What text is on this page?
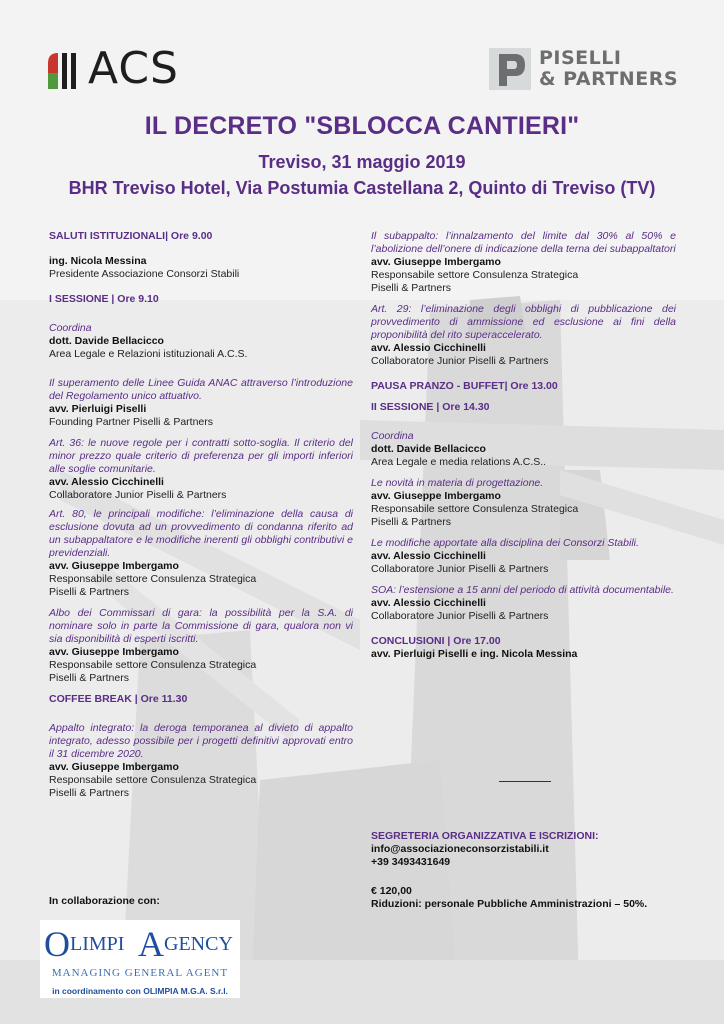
ACS	PISELLI
& PARTNERS
IL DECRETO "SBLOCCA CANTIERI"
Treviso, 31 maggio 2019
BHR Treviso Hotel, Via Postumia Castellana 2, Quinto di Treviso (TV)
SALUTI ISTITUZIONALI| Ore 9.00
ing. Nicola Messina
Presidente Associazione Consorzi Stabili
I SESSIONE | Ore 9.10
Coordina
dott. Davide Bellacicco
Area Legale e Relazioni istituzionali A.C.S.
Il superamento delle Linee Guida ANAC attraverso l’introduzione del Regolamento unico attuativo.
avv. Pierluigi Piselli
Founding Partner Piselli & Partners
Art. 36: le nuove regole per i contratti sotto-soglia. Il criterio del minor prezzo quale criterio di preferenza per gli importi inferiori alle soglie comunitarie.
avv. Alessio Cicchinelli
Collaboratore Junior Piselli & Partners
Art. 80, le principali modifiche: l’eliminazione della causa di esclusione dovuta ad un provvedimento di condanna riferito ad un subappaltatore e le modifiche inerenti gli obblighi contributivi e previdenziali.
avv. Giuseppe Imbergamo
Responsabile settore Consulenza Strategica
Piselli & Partners
Albo dei Commissari di gara: la possibilità per la S.A. di nominare solo in parte la Commissione di gara, qualora non vi sia disponibilità di esperti iscritti.
avv. Giuseppe Imbergamo
Responsabile settore Consulenza Strategica
Piselli & Partners
COFFEE BREAK | Ore 11.30
Appalto integrato: la deroga temporanea al divieto di appalto integrato, adesso possibile per i progetti definitivi approvati entro il 31 dicembre 2020.
avv. Giuseppe Imbergamo
Responsabile settore Consulenza Strategica
Piselli & Partners
Il subappalto: l’innalzamento del limite dal 30% al 50% e l’abolizione dell’onere di indicazione della terna dei subappaltatori
avv. Giuseppe Imbergamo
Responsabile settore Consulenza Strategica
Piselli & Partners
Art. 29: l’eliminazione degli obblighi di pubblicazione dei provvedimento di ammissione ed esclusione ai fini della proponibilità del rito superaccelerato.
avv. Alessio Cicchinelli
Collaboratore Junior Piselli & Partners
PAUSA PRANZO - BUFFET| Ore 13.00
II SESSIONE | Ore 14.30
Coordina
dott. Davide Bellacicco
Area Legale e media relations A.C.S..
Le novità in materia di progettazione.
avv. Giuseppe Imbergamo
Responsabile settore Consulenza Strategica
Piselli & Partners
Le modifiche apportate alla disciplina dei Consorzi Stabili.
avv. Alessio Cicchinelli
Collaboratore Junior Piselli & Partners
SOA: l’estensione a 15 anni del periodo di attività documentabile.
avv. Alessio Cicchinelli
Collaboratore Junior Piselli & Partners
CONCLUSIONI | Ore 17.00
avv. Pierluigi Piselli e ing. Nicola Messina
SEGRETERIA ORGANIZZATIVA E ISCRIZIONI:
info@associazioneconsorzistabili.it
+39 3493431649
€ 120,00
Riduzioni: personale Pubbliche Amministrazioni – 50%.
In collaborazione con:
O LIMPI A GENCY
MANAGING GENERAL AGENT
in coordinamento con OLIMPIA M.G.A. S.r.l.
